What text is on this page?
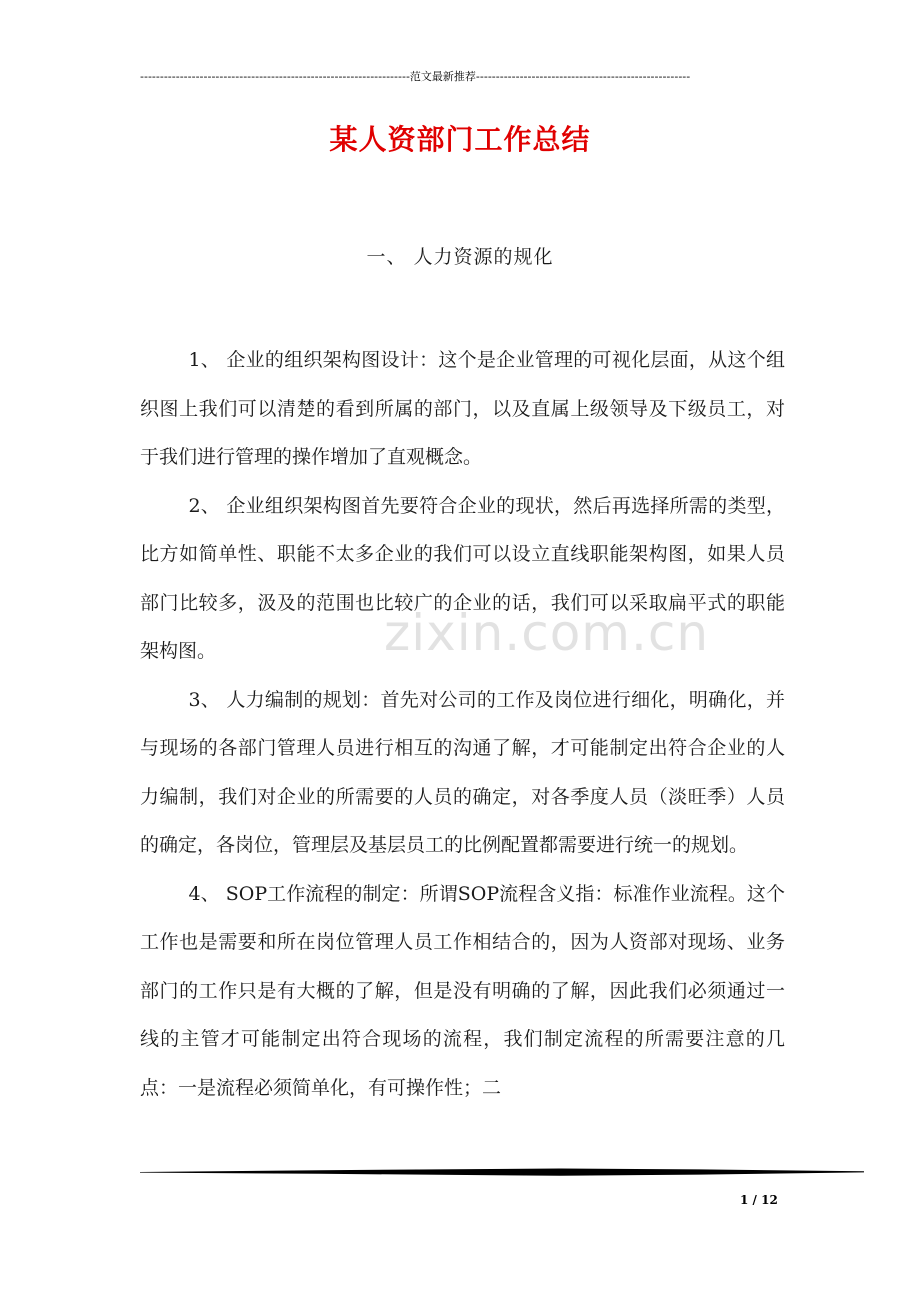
--------------------------------------------------------------------范文最新推荐------------------------------------------------------
某人资部门工作总结
一、 人力资源的规化

1、 企业的组织架构图设计：这个是企业管理的可视化层面，从这个组织图上我们可以清楚的看到所属的部门，以及直属上级领导及下级员工，对于我们进行管理的操作增加了直观概念。

2、 企业组织架构图首先要符合企业的现状，然后再选择所需的类型，比方如简单性、职能不太多企业的我们可以设立直线职能架构图，如果人员部门比较多，汲及的范围也比较广的企业的话，我们可以采取扁平式的职能架构图。

3、 人力编制的规划：首先对公司的工作及岗位进行细化，明确化，并与现场的各部门管理人员进行相互的沟通了解，才可能制定出符合企业的人力编制，我们对企业的所需要的人员的确定，对各季度人员（淡旺季）人员的确定，各岗位，管理层及基层员工的比例配置都需要进行统一的规划。

4、 SOP工作流程的制定：所谓SOP流程含义指：标准作业流程。这个工作也是需要和所在岗位管理人员工作相结合的，因为人资部对现场、业务部门的工作只是有大概的了解，但是没有明确的了解，因此我们必须通过一线的主管才可能制定出符合现场的流程，我们制定流程的所需要注意的几点：一是流程必须简单化，有可操作性；二

zixin.com.cn
1 / 12
